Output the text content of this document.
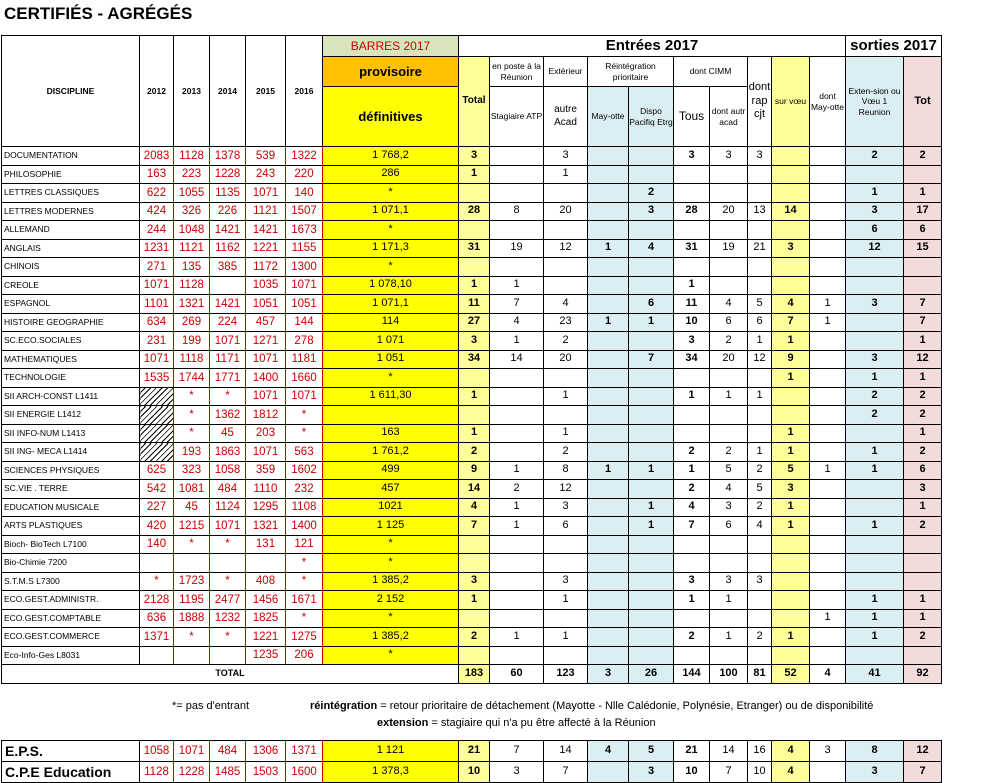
CERTIFIÉS - AGRÉGÉS
DISCIPLINE	2012	2013	2014	2015	2016	BARRES 2017	Entrées 2017										sorties 2017	
						provisoire	Total	en poste à la Réunion	Extérieur	Réintégration prioritaire		dont CIMM		dont rap cjt	sur vœu	dont May-otte	Exten-sion ou Vœu 1 Reunion	Tot
						définitives		Stagiaire ATP	autre Acad	May-otte	Dispo Pacifiq Etrg	Tous	dont autr acad					
DOCUMENTATION	2083	1128	1378	539	1322	1 768,2	3		3			3	3	3			2	2
PHILOSOPHIE	163	223	1228	243	220	286	1		1									
LETTRES CLASSIQUES	622	1055	1135	1071	140	*					2						1	1
LETTRES MODERNES	424	326	226	1121	1507	1 071,1	28	8	20		3	28	20	13	14		3	17
ALLEMAND	244	1048	1421	1421	1673	*											6	6
ANGLAIS	1231	1121	1162	1221	1155	1 171,3	31	19	12	1	4	31	19	21	3		12	15
CHINOIS	271	135	385	1172	1300	*												
CREOLE	1071	1128		1035	1071	1 078,10	1	1				1						
ESPAGNOL	1101	1321	1421	1051	1051	1 071,1	11	7	4		6	11	4	5	4	1	3	7
HISTOIRE GEOGRAPHIE	634	269	224	457	144	114	27	4	23	1	1	10	6	6	7	1		7
SC.ECO.SOCIALES	231	199	1071	1271	278	1 071	3	1	2			3	2	1	1			1
MATHEMATIQUES	1071	1118	1171	1071	1181	1 051	34	14	20		7	34	20	12	9		3	12
TECHNOLOGIE	1535	1744	1771	1400	1660	*									1		1	1
SII ARCH-CONST L1411		*	*	1071	1071	1 611,30	1		1			1	1	1			2	2
SII ENERGIE L1412		*	1362	1812	*												2	2
SII INFO-NUM L1413		*	45	203	*	163	1		1						1			1
SII ING- MECA L1414		193	1863	1071	563	1 761,2	2		2			2	2	1	1		1	2
SCIENCES PHYSIQUES	625	323	1058	359	1602	499	9	1	8	1	1	1	5	2	5	1	1	6
SC.VIE . TERRE	542	1081	484	1110	232	457	14	2	12			2	4	5	3			3
EDUCATION MUSICALE	227	45	1124	1295	1108	1021	4	1	3		1	4	3	2	1			1
ARTS PLASTIQUES	420	1215	1071	1321	1400	1 125	7	1	6		1	7	6	4	1		1	2
Bioch- BioTech L7100	140	*	*	131	121	*												
Bio-Chimie 7200					*	*												
S.T.M.S L7300	*	1723	*	408	*	1 385,2	3		3			3	3	3				
ECO.GEST.ADMINISTR.	2128	1195	2477	1456	1671	2 152	1		1			1	1				1	1
ECO.GEST.COMPTABLE	636	1888	1232	1825	*	*										1	1	1
ECO.GEST.COMMERCE	1371	*	*	1221	1275	1 385,2	2	1	1			2	1	2	1		1	2
Eco-Info-Ges L8031				1235	206	*												
TOTAL							183	60	123	3	26	144	100	81	52	4	41	92
*= pas d'entrant	réintégration = retour prioritaire de détachement (Mayotte - Nlle Calédonie, Polynésie, Etranger) ou de disponibilité
extension = stagiaire qui n'a pu être affecté à la Réunion
E.P.S.	1058	1071	484	1306	1371	1 121	21	7	14	4	5	21	14	16	4	3	8	12
C.P.E Education	1128	1228	1485	1503	1600	1 378,3	10	3	7		3	10	7	10	4		3	7
